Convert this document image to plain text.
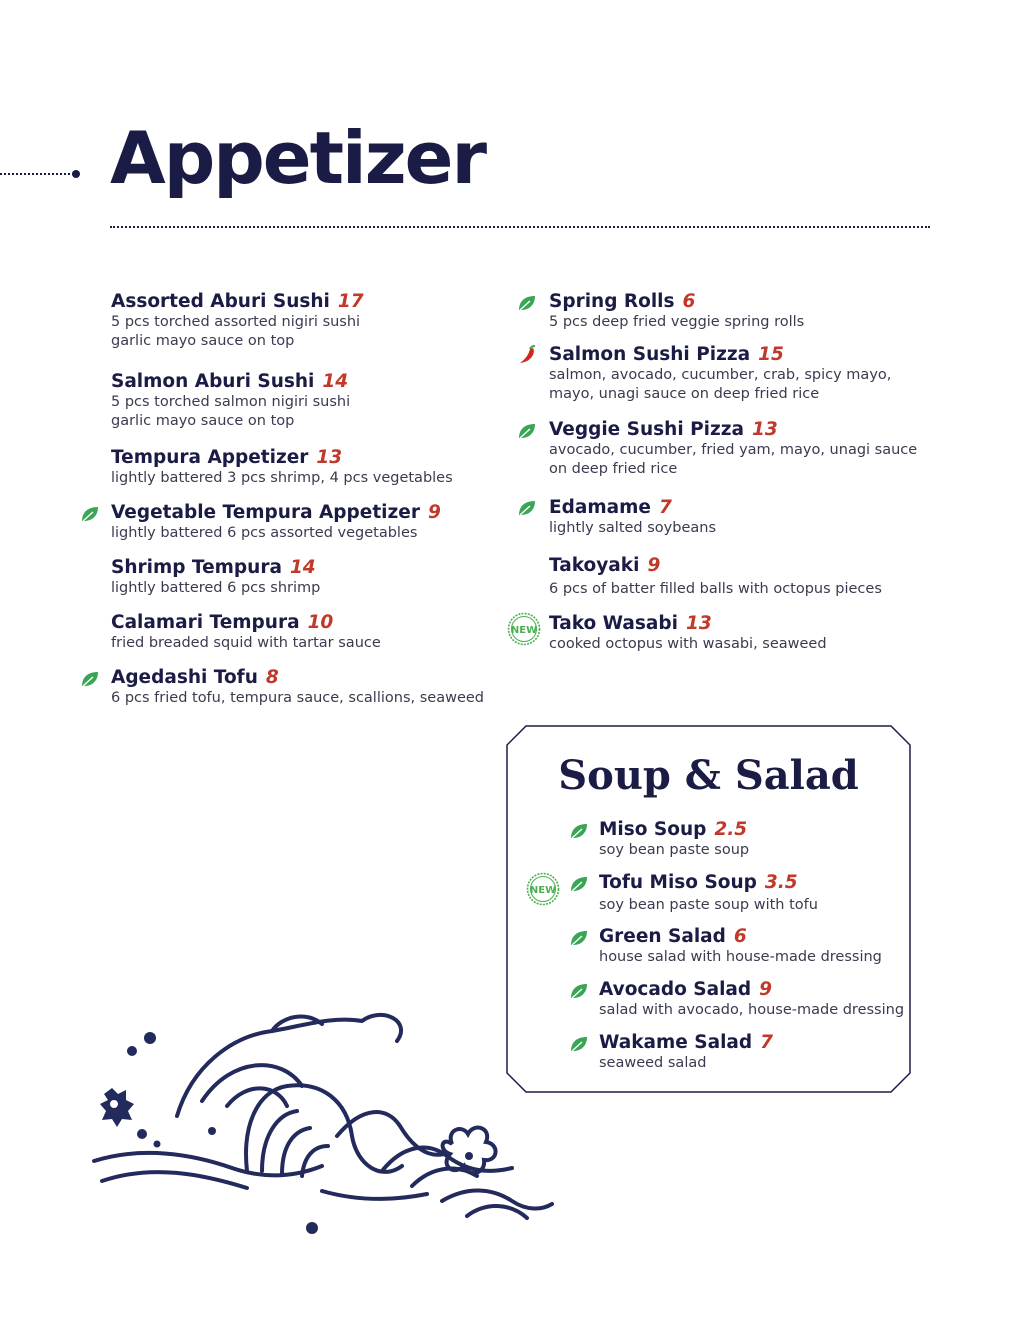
Appetizer
Assorted Aburi Sushi 17
5 pcs torched assorted nigiri sushi
garlic mayo sauce on top
Salmon Aburi Sushi 14
5 pcs torched salmon nigiri sushi
garlic mayo sauce on top
Tempura Appetizer 13
lightly battered 3 pcs shrimp, 4 pcs vegetables
Vegetable Tempura Appetizer 9
lightly battered 6 pcs assorted vegetables
Shrimp Tempura 14
lightly battered 6 pcs shrimp
Calamari Tempura 10
fried breaded squid with tartar sauce
Agedashi Tofu 8
6 pcs fried tofu, tempura sauce, scallions, seaweed
Spring Rolls 6
5 pcs deep fried veggie spring rolls
Salmon Sushi Pizza 15
salmon, avocado, cucumber, crab, spicy mayo,
mayo, unagi sauce on deep fried rice
Veggie Sushi Pizza 13
avocado, cucumber, fried yam, mayo, unagi sauce
on deep fried rice
Edamame 7
lightly salted soybeans
Takoyaki 9
6 pcs of batter filled balls with octopus pieces
NEW Tako Wasabi 13
cooked octopus with wasabi, seaweed
Soup & Salad
Miso Soup 2.5
soy bean paste soup
NEW Tofu Miso Soup 3.5
soy bean paste soup with tofu
Green Salad 6
house salad with house-made dressing
Avocado Salad 9
salad with avocado, house-made dressing
Wakame Salad 7
seaweed salad
